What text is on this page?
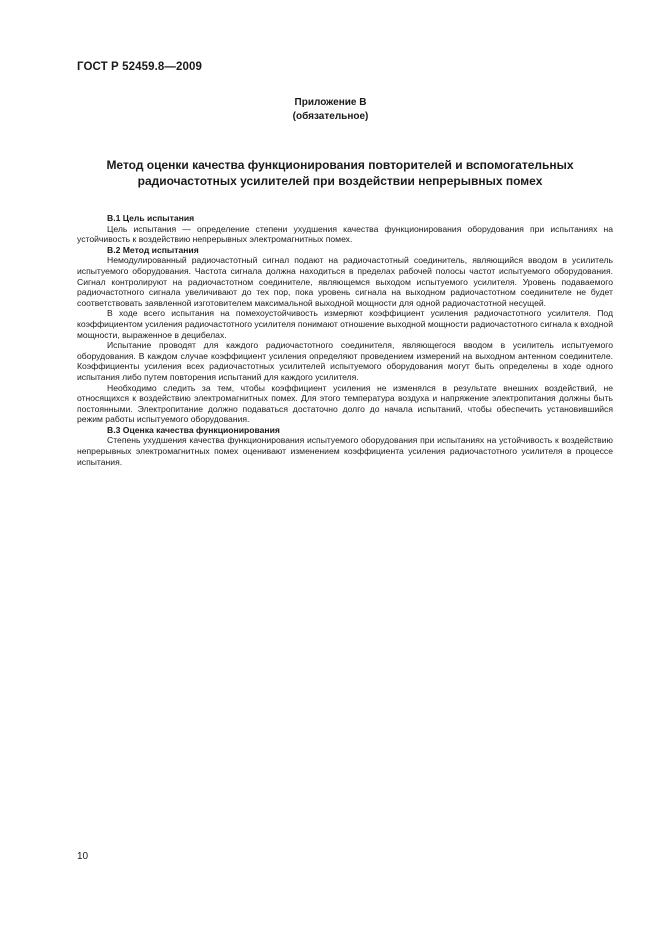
ГОСТ Р 52459.8—2009
Приложение В
(обязательное)
Метод оценки качества функционирования повторителей и вспомогательных
радиочастотных усилителей при воздействии непрерывных помех
В.1 Цель испытания

Цель испытания — определение степени ухудшения качества функционирования оборудования при испытаниях на устойчивость к воздействию непрерывных электромагнитных помех.

В.2 Метод испытания

Немодулированный радиочастотный сигнал подают на радиочастотный соединитель, являющийся вводом в усилитель испытуемого оборудования. Частота сигнала должна находиться в пределах рабочей полосы частот испытуемого оборудования. Сигнал контролируют на радиочастотном соединителе, являющемся выходом испытуемого усилителя. Уровень подаваемого радиочастотного сигнала увеличивают до тех пор, пока уровень сигнала на выходном радиочастотном соединителе не будет соответствовать заявленной изготовителем максимальной выходной мощности для одной радиочастотной несущей.

В ходе всего испытания на помехоустойчивость измеряют коэффициент усиления радиочастотного усилителя. Под коэффициентом усиления радиочастотного усилителя понимают отношение выходной мощности радиочастотного сигнала к входной мощности, выраженное в децибелах.

Испытание проводят для каждого радиочастотного соединителя, являющегося вводом в усилитель испытуемого оборудования. В каждом случае коэффициент усиления определяют проведением измерений на выходном антенном соединителе. Коэффициенты усиления всех радиочастотных усилителей испытуемого оборудования могут быть определены в ходе одного испытания либо путем повторения испытаний для каждого усилителя.

Необходимо следить за тем, чтобы коэффициент усиления не изменялся в результате внешних воздействий, не относящихся к воздействию электромагнитных помех. Для этого температура воздуха и напряжение электропитания должны быть постоянными. Электропитание должно подаваться достаточно долго до начала испытаний, чтобы обеспечить установившийся режим работы испытуемого оборудования.

В.3 Оценка качества функционирования

Степень ухудшения качества функционирования испытуемого оборудования при испытаниях на устойчивость к воздействию непрерывных электромагнитных помех оценивают изменением коэффициента усиления радиочастотного усилителя в процессе испытания.

10
